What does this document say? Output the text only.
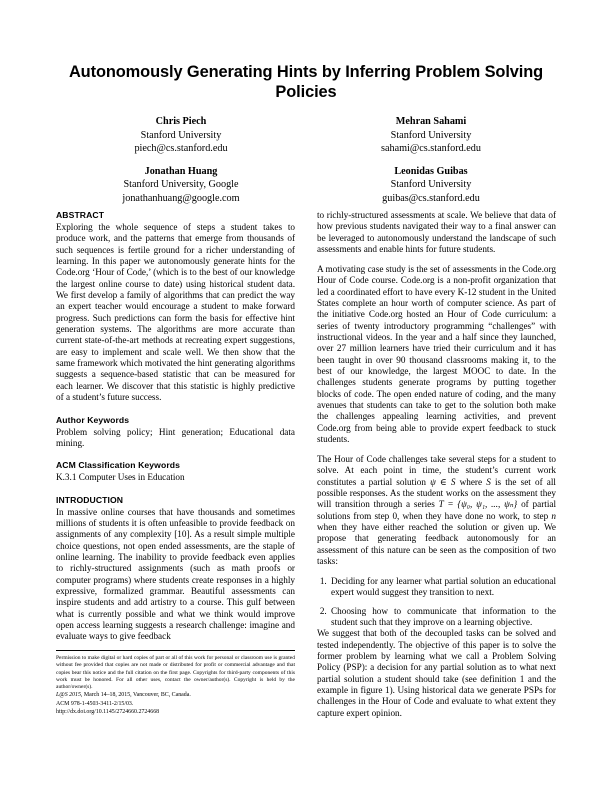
Autonomously Generating Hints by Inferring Problem Solving Policies
Chris Piech
Stanford University
piech@cs.stanford.edu
Mehran Sahami
Stanford University
sahami@cs.stanford.edu
Jonathan Huang
Stanford University, Google
jonathanhuang@google.com
Leonidas Guibas
Stanford University
guibas@cs.stanford.edu
ABSTRACT

Exploring the whole sequence of steps a student takes to produce work, and the patterns that emerge from thousands of such sequences is fertile ground for a richer understanding of learning. In this paper we autonomously generate hints for the Code.org ‘Hour of Code,’ (which is to the best of our knowledge the largest online course to date) using historical student data. We first develop a family of algorithms that can predict the way an expert teacher would encourage a student to make forward progress. Such predictions can form the basis for effective hint generation systems. The algorithms are more accurate than current state-of-the-art methods at recreating expert suggestions, are easy to implement and scale well. We then show that the same framework which motivated the hint generating algorithms suggests a sequence-based statistic that can be measured for each learner. We discover that this statistic is highly predictive of a student’s future success.

Author Keywords

Problem solving policy; Hint generation; Educational data mining.

ACM Classification Keywords

K.3.1 Computer Uses in Education

INTRODUCTION

In massive online courses that have thousands and sometimes millions of students it is often unfeasible to provide feedback on assignments of any complexity [10]. As a result simple multiple choice questions, not open ended assessments, are the staple of online learning. The inability to provide feedback even applies to richly-structured assignments (such as math proofs or computer programs) where students create responses in a highly expressive, formalized grammar. Beautiful assessments can inspire students and add artistry to a course. This gulf between what is currently possible and what we think would improve open access learning suggests a research challenge: imagine and evaluate ways to give feedback

Permission to make digital or hard copies of part or all of this work for personal or classroom use is granted without fee provided that copies are not made or distributed for profit or commercial advantage and that copies bear this notice and the full citation on the first page. Copyrights for third-party components of this work must be honored. For all other uses, contact the owner/author(s). Copyright is held by the author/owner(s).

L@S 2015, March 14–18, 2015, Vancouver, BC, Canada.

ACM 978-1-4503-3411-2/15/03.

http://dx.doi.org/10.1145/2724660.2724668

to richly-structured assessments at scale. We believe that data of how previous students navigated their way to a final answer can be leveraged to autonomously understand the landscape of such assessments and enable hints for future students.

A motivating case study is the set of assessments in the Code.org Hour of Code course. Code.org is a non-profit organization that led a coordinated effort to have every K-12 student in the United States complete an hour worth of computer science. As part of the initiative Code.org hosted an Hour of Code curriculum: a series of twenty introductory programming “challenges” with instructional videos. In the year and a half since they launched, over 27 million learners have tried their curriculum and it has been taught in over 90 thousand classrooms making it, to the best of our knowledge, the largest MOOC to date. In the challenges students generate programs by putting together blocks of code. The open ended nature of coding, and the many avenues that students can take to get to the solution both make the challenges appealing learning activities, and prevent Code.org from being able to provide expert feedback to stuck students.

The Hour of Code challenges take several steps for a student to solve. At each point in time, the student’s current work constitutes a partial solution ψ ∈ S where S is the set of all possible responses. As the student works on the assessment they will transition through a series T = {ψ₀, ψ₁, ..., ψₙ} of partial solutions from step 0, when they have done no work, to step n when they have either reached the solution or given up. We propose that generating feedback autonomously for an assessment of this nature can be seen as the composition of two tasks:

1. Deciding for any learner what partial solution an educational expert would suggest they transition to next.
2. Choosing how to communicate that information to the student such that they improve on a learning objective.

We suggest that both of the decoupled tasks can be solved and tested independently. The objective of this paper is to solve the former problem by learning what we call a Problem Solving Policy (PSP): a decision for any partial solution as to what next partial solution a student should take (see definition 1 and the example in figure 1). Using historical data we generate PSPs for challenges in the Hour of Code and evaluate to what extent they capture expert opinion.
